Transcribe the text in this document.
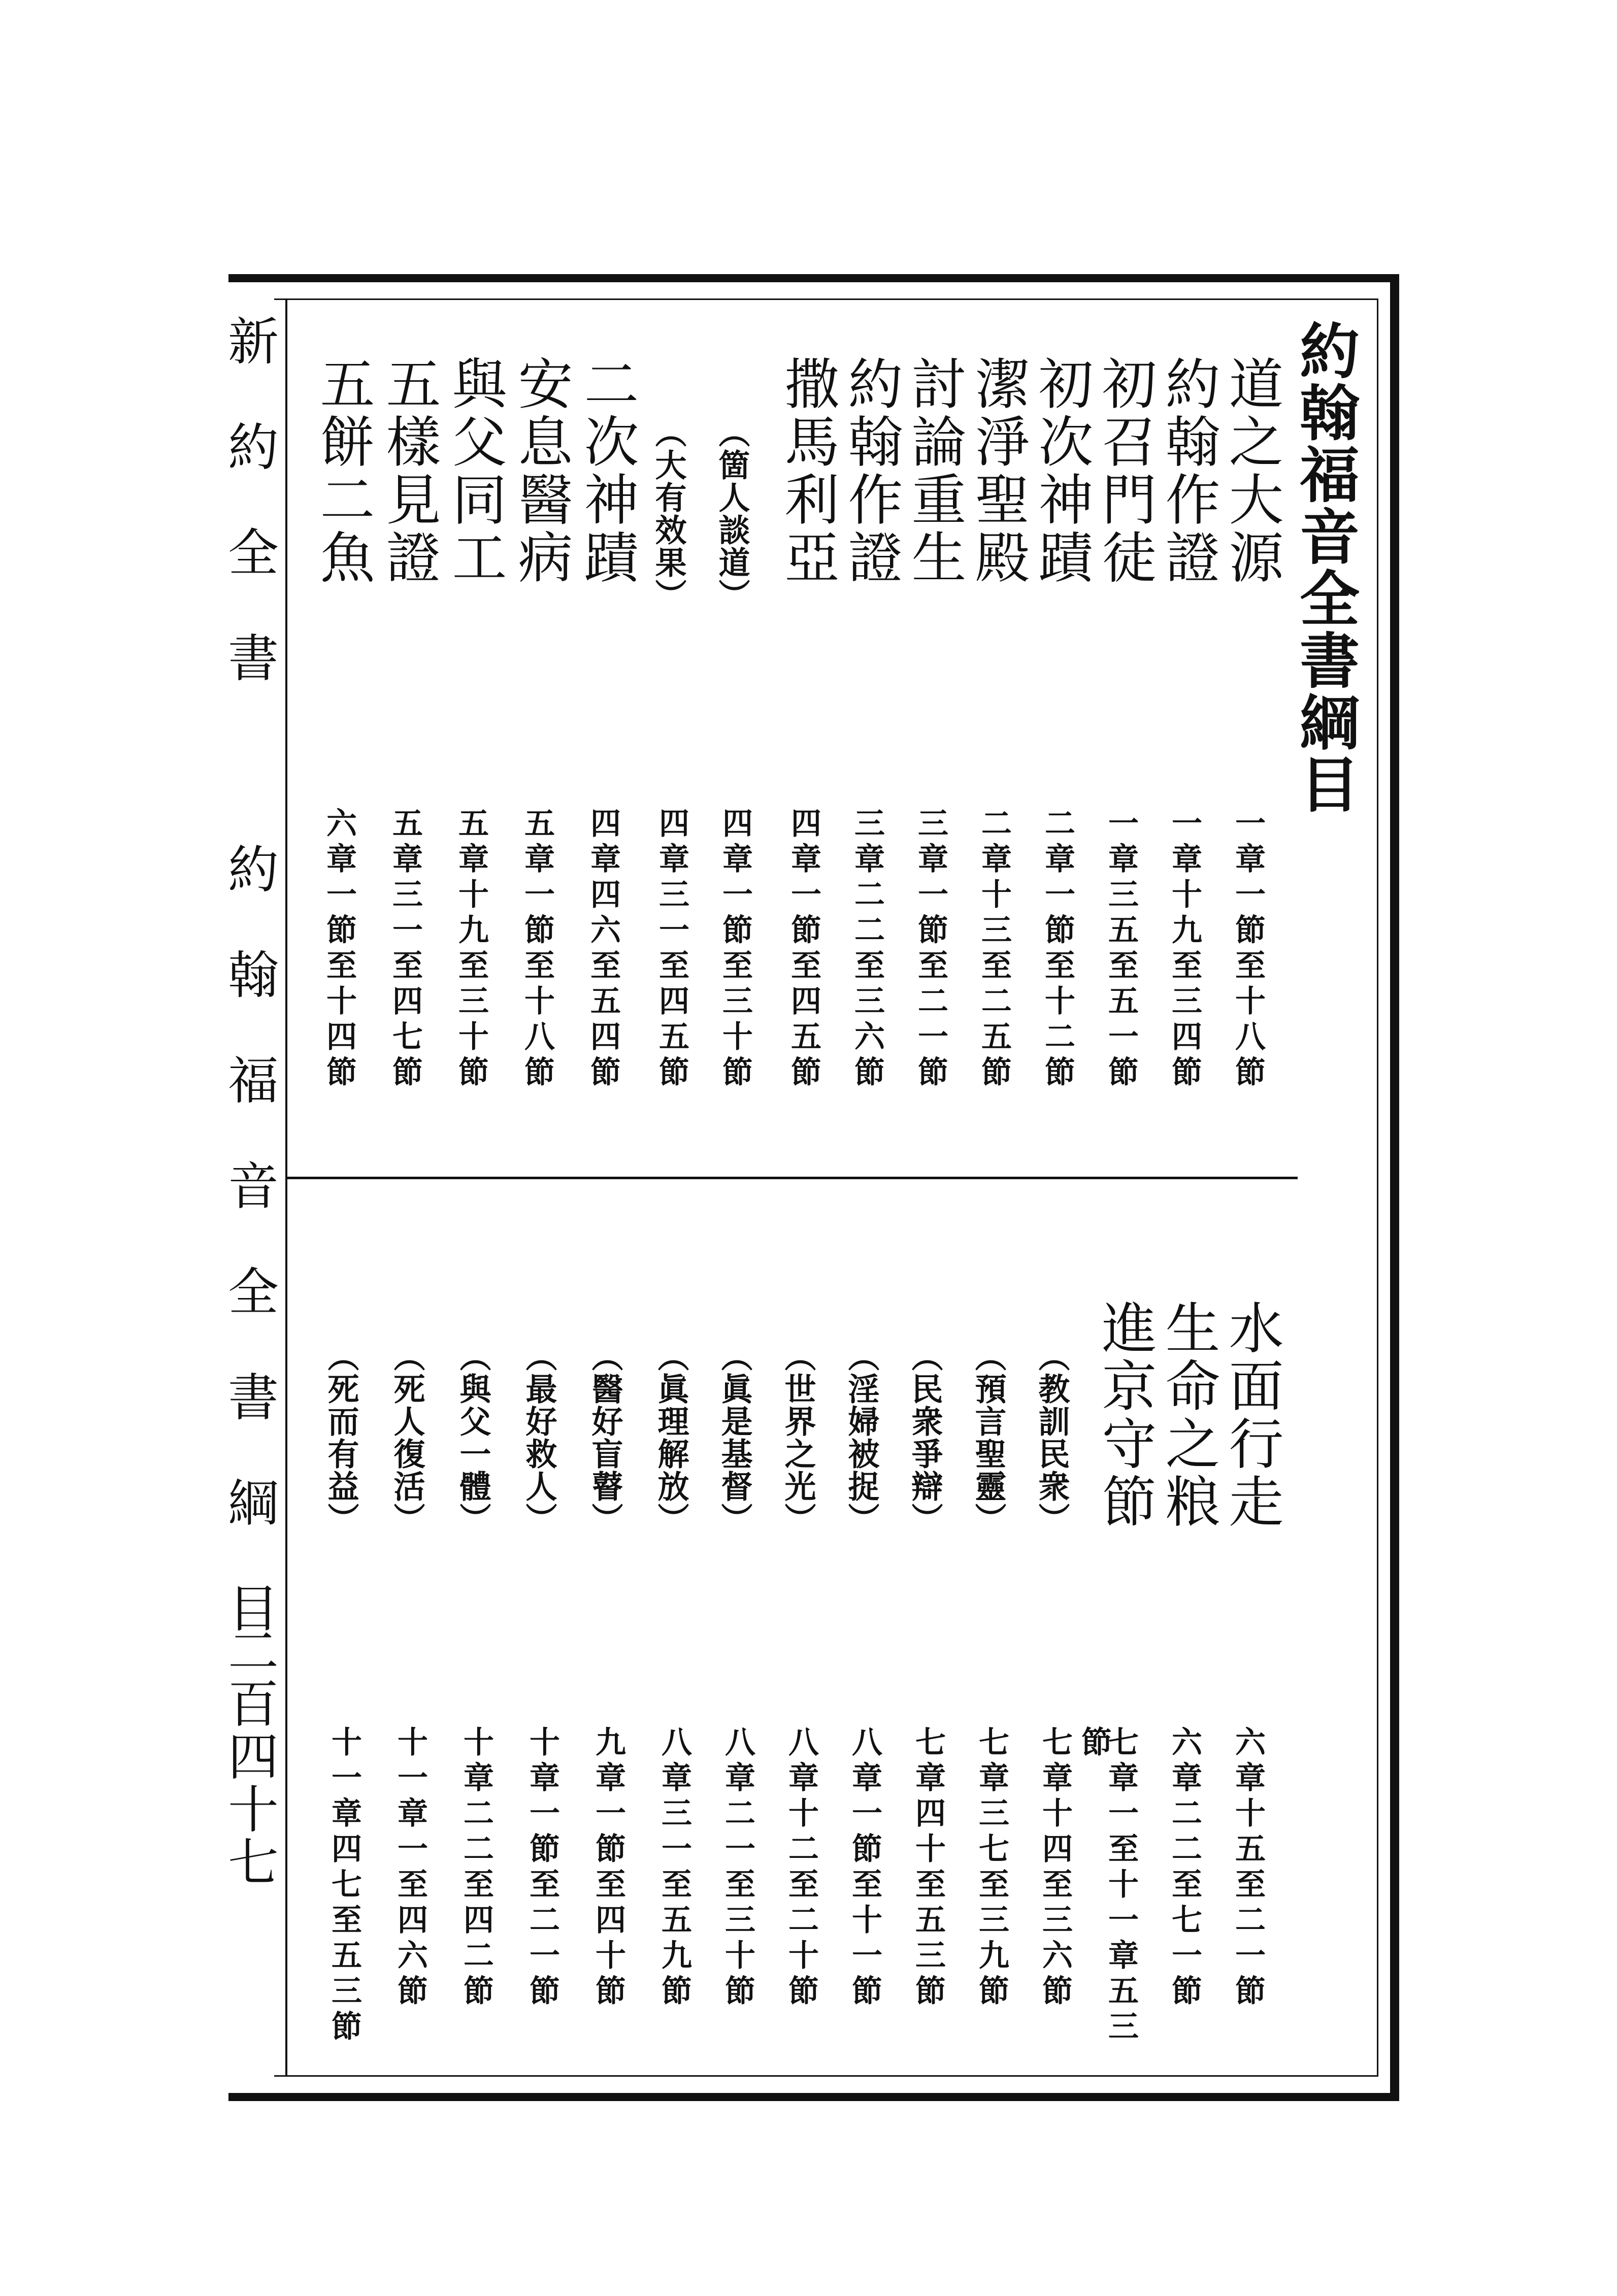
約翰福音全書綱目
新約全書　約翰福音全書綱目
二百四十七
道之大源
一章一節至十八節
約翰作證
一章十九至三四節
初召門徒
一章三五至五一節
初次神蹟
二章一節至十二節
潔淨聖殿
二章十三至二五節
討論重生
三章一節至二一節
約翰作證
三章二二至三六節
撒馬利亞
四章一節至四五節
（箇人談道）
四章一節至三十節
（大有效果）
四章三一至四五節
二次神蹟
四章四六至五四節
安息醫病
五章一節至十八節
與父同工
五章十九至三十節
五樣見證
五章三一至四七節
五餅二魚
六章一節至十四節
水面行走
六章十五至二一節
生命之粮
六章二二至七一節
進京守節
七章一至十一章五三
節
（教訓民衆）
七章十四至三六節
（預言聖靈）
七章三七至三九節
（民衆爭辯）
七章四十至五三節
（淫婦被捉）
八章一節至十一節
（世界之光）
八章十二至二十節
（眞是基督）
八章二一至三十節
（眞理解放）
八章三一至五九節
（醫好盲瞽）
九章一節至四十節
（最好救人）
十章一節至二一節
（與父一體）
十章二二至四二節
（死人復活）
十一章一至四六節
（死而有益）
十一章四七至五三節
